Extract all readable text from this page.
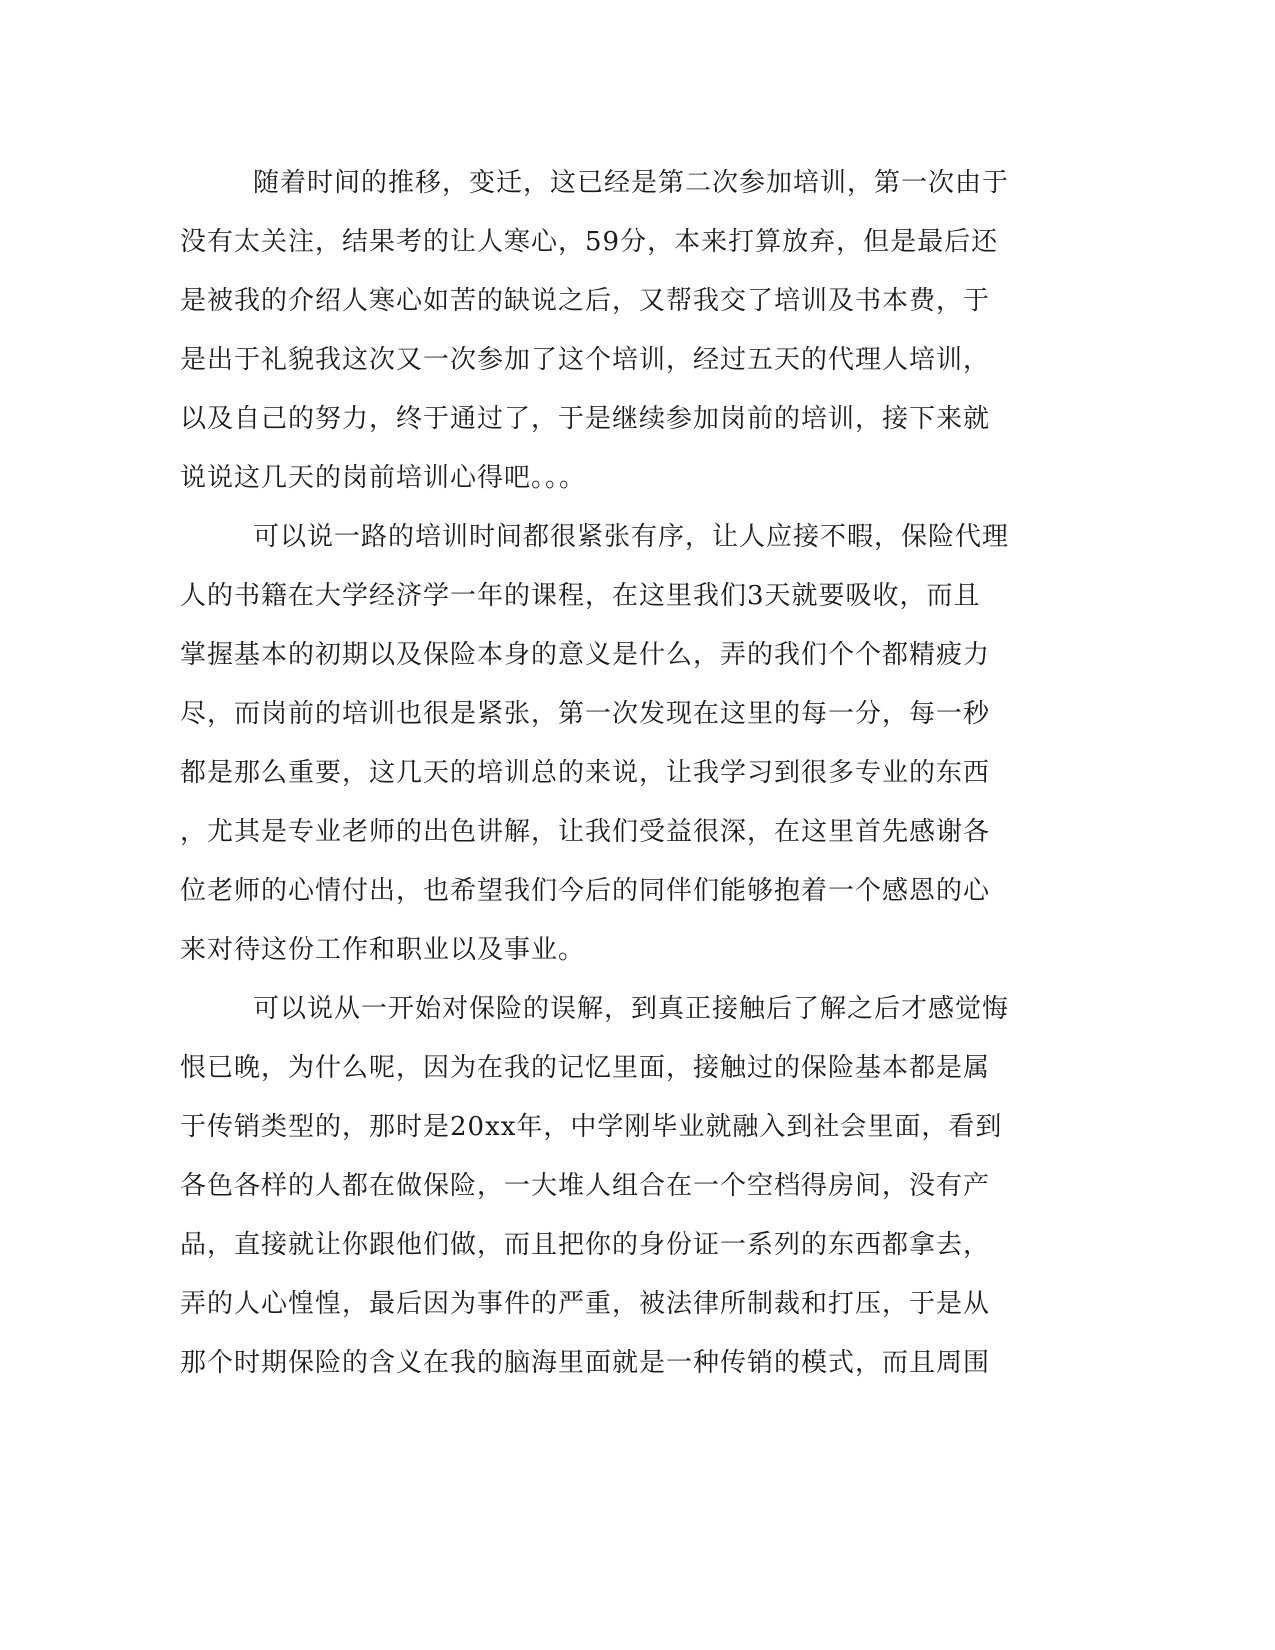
随着时间的推移，变迁，这已经是第二次参加培训，第一次由于
没有太关注，结果考的让人寒心，59分，本来打算放弃，但是最后还
是被我的介绍人寒心如苦的缺说之后，又帮我交了培训及书本费，于
是出于礼貌我这次又一次参加了这个培训，经过五天的代理人培训，
以及自己的努力，终于通过了，于是继续参加岗前的培训，接下来就
说说这几天的岗前培训心得吧。。。
可以说一路的培训时间都很紧张有序，让人应接不暇，保险代理
人的书籍在大学经济学一年的课程，在这里我们3天就要吸收，而且
掌握基本的初期以及保险本身的意义是什么，弄的我们个个都精疲力
尽，而岗前的培训也很是紧张，第一次发现在这里的每一分，每一秒
都是那么重要，这几天的培训总的来说，让我学习到很多专业的东西
，尤其是专业老师的出色讲解，让我们受益很深，在这里首先感谢各
位老师的心情付出，也希望我们今后的同伴们能够抱着一个感恩的心
来对待这份工作和职业以及事业。
可以说从一开始对保险的误解，到真正接触后了解之后才感觉悔
恨已晚，为什么呢，因为在我的记忆里面，接触过的保险基本都是属
于传销类型的，那时是20xx年，中学刚毕业就融入到社会里面，看到
各色各样的人都在做保险，一大堆人组合在一个空档得房间，没有产
品，直接就让你跟他们做，而且把你的身份证一系列的东西都拿去，
弄的人心惶惶，最后因为事件的严重，被法律所制裁和打压，于是从
那个时期保险的含义在我的脑海里面就是一种传销的模式，而且周围
